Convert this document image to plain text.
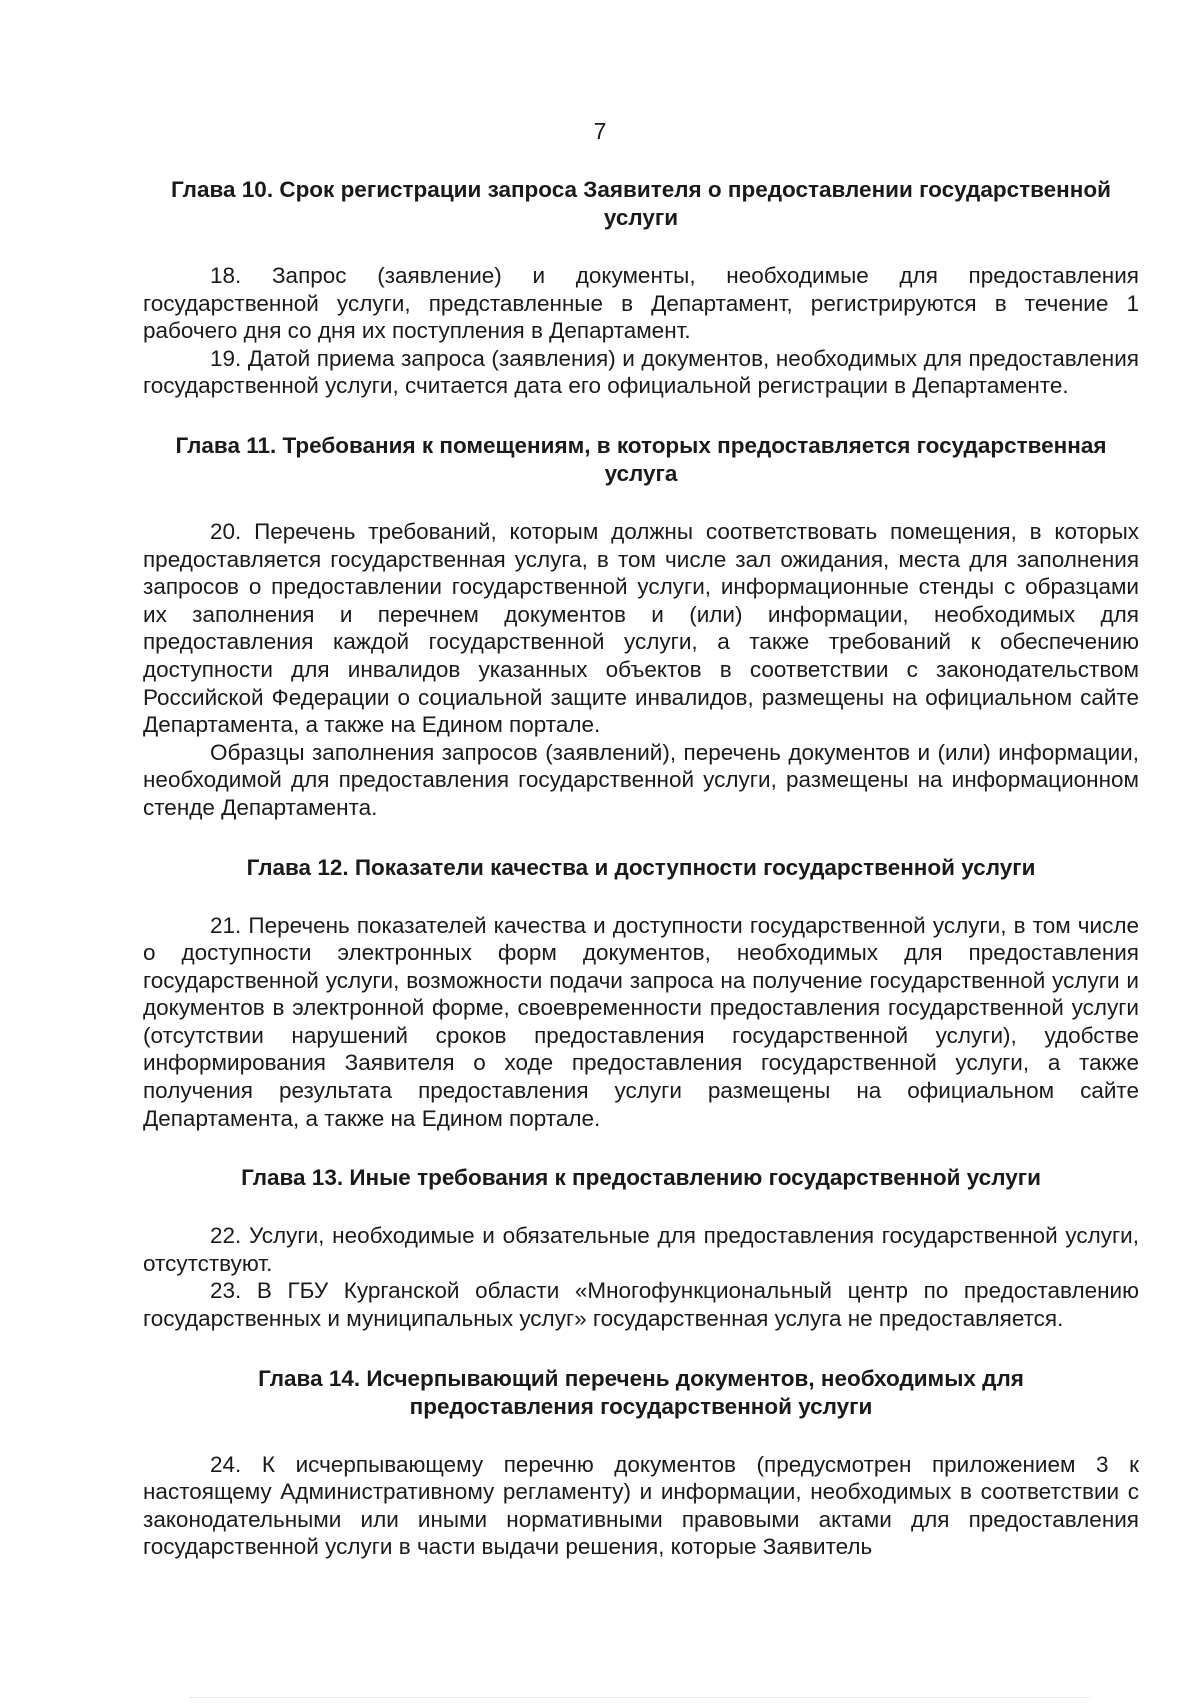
7
Глава 10. Срок регистрации запроса Заявителя о предоставлении государственной услуги

18. Запрос (заявление) и документы, необходимые для предоставления государственной услуги, представленные в Департамент, регистрируются в течение 1 рабочего дня со дня их поступления в Департамент.

19. Датой приема запроса (заявления) и документов, необходимых для предоставления государственной услуги, считается дата его официальной регистрации в Департаменте.

Глава 11. Требования к помещениям, в которых предоставляется государственная услуга

20. Перечень требований, которым должны соответствовать помещения, в которых предоставляется государственная услуга, в том числе зал ожидания, места для заполнения запросов о предоставлении государственной услуги, информационные стенды с образцами их заполнения и перечнем документов и (или) информации, необходимых для предоставления каждой государственной услуги, а также требований к обеспечению доступности для инвалидов указанных объектов в соответствии с законодательством Российской Федерации о социальной защите инвалидов, размещены на официальном сайте Департамента, а также на Едином портале.

Образцы заполнения запросов (заявлений), перечень документов и (или) информации, необходимой для предоставления государственной услуги, размещены на информационном стенде Департамента.

Глава 12. Показатели качества и доступности государственной услуги

21. Перечень показателей качества и доступности государственной услуги, в том числе о доступности электронных форм документов, необходимых для предоставления государственной услуги, возможности подачи запроса на получение государственной услуги и документов в электронной форме, своевременности предоставления государственной услуги (отсутствии нарушений сроков предоставления государственной услуги), удобстве информирования Заявителя о ходе предоставления государственной услуги, а также получения результата предоставления услуги размещены на официальном сайте Департамента, а также на Едином портале.

Глава 13. Иные требования к предоставлению государственной услуги

22. Услуги, необходимые и обязательные для предоставления государственной услуги, отсутствуют.

23. В ГБУ Курганской области «Многофункциональный центр по предоставлению государственных и муниципальных услуг» государственная услуга не предоставляется.

Глава 14. Исчерпывающий перечень документов, необходимых для предоставления государственной услуги

24. К исчерпывающему перечню документов (предусмотрен приложением 3 к настоящему Административному регламенту) и информации, необходимых в соответствии с законодательными или иными нормативными правовыми актами для предоставления государственной услуги в части выдачи решения, которые Заявитель
